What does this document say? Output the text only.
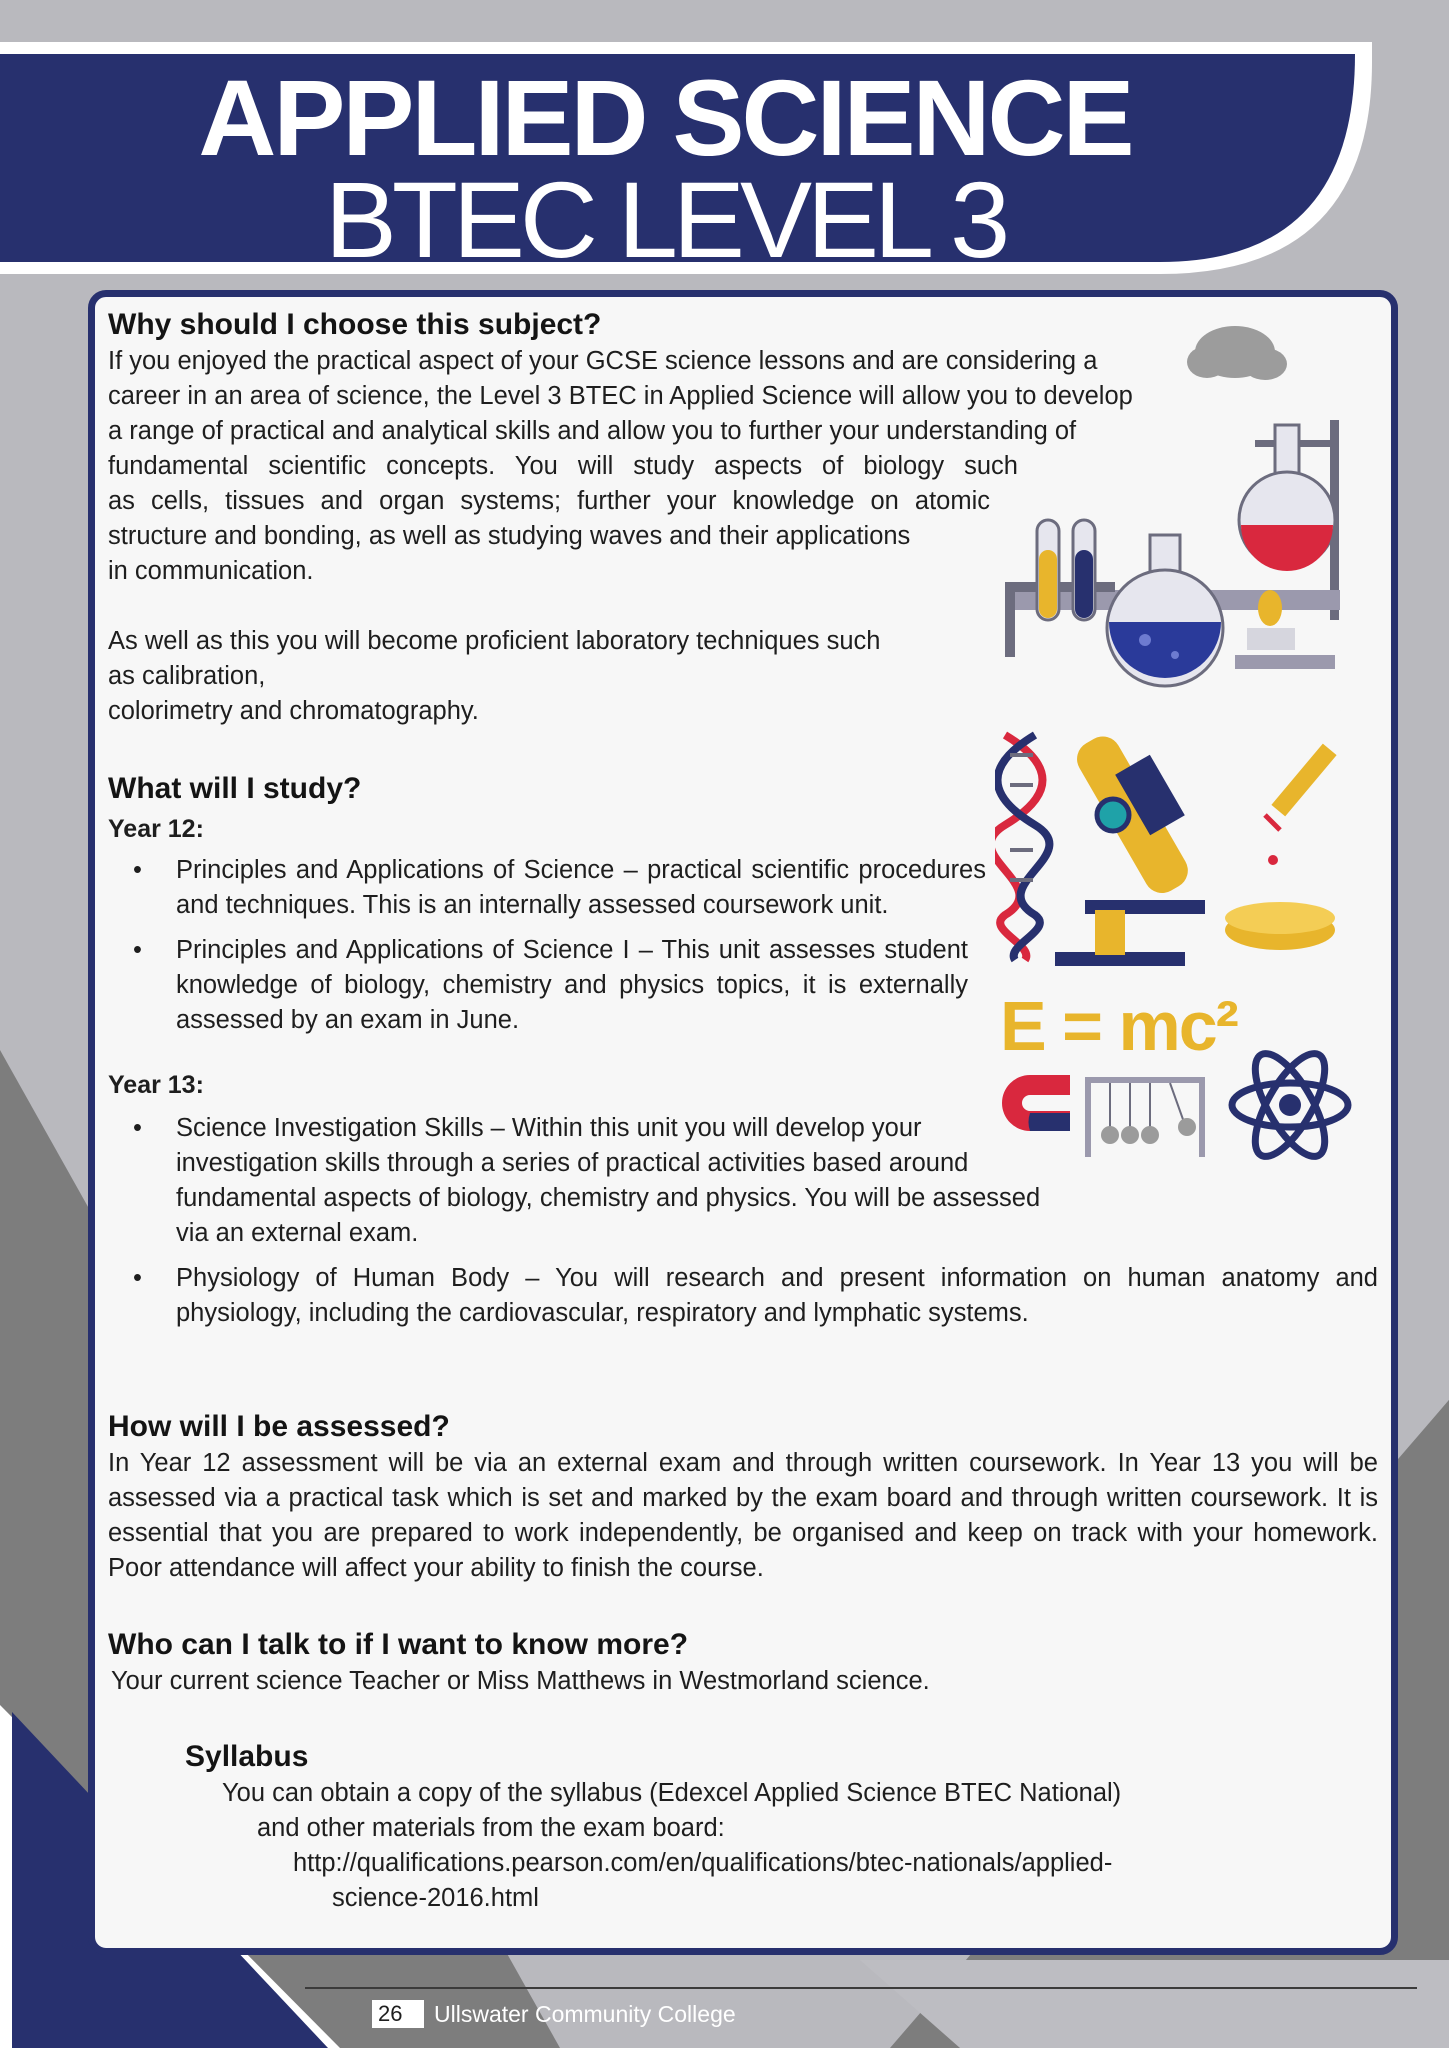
APPLIED SCIENCE
BTEC LEVEL 3
E = mc²
Why should I choose this subject?

If you enjoyed the practical aspect of your GCSE science lessons and are considering a

career in an area of science, the Level 3 BTEC in Applied Science will allow you to develop

a range of practical and analytical skills and allow you to further your understanding of

fundamental scientific concepts. You will study aspects of biology such

as cells, tissues and organ systems; further your knowledge on atomic

structure and bonding, as well as studying waves and their applications

in communication.

As well as this you will become proficient laboratory techniques such

as calibration,

colorimetry and chromatography.

What will I study?
Year 12:
• Principles and Applications of Science – practical scientific procedures and techniques. This is an internally assessed coursework unit.
• Principles and Applications of Science I – This unit assesses student knowledge of biology, chemistry and physics topics, it is externally assessed by an exam in June.
Year 13:
• Science Investigation Skills – Within this unit you will develop your investigation skills through a series of practical activities based around fundamental aspects of biology, chemistry and physics. You will be assessed via an external exam.
• Physiology of Human Body – You will research and present information on human anatomy and physiology, including the cardiovascular, respiratory and lymphatic systems.
How will I be assessed?

In Year 12 assessment will be via an external exam and through written coursework. In Year 13 you will be assessed via a practical task which is set and marked by the exam board and through written coursework. It is essential that you are prepared to work independently, be organised and keep on track with your homework. Poor attendance will affect your ability to finish the course.

Who can I talk to if I want to know more?

Your current science Teacher or Miss Matthews in Westmorland science.

Syllabus

You can obtain a copy of the syllabus (Edexcel Applied Science BTEC National)

and other materials from the exam board:

http://qualifications.pearson.com/en/qualifications/btec-nationals/applied-

science-2016.html

26	Ullswater Community College
